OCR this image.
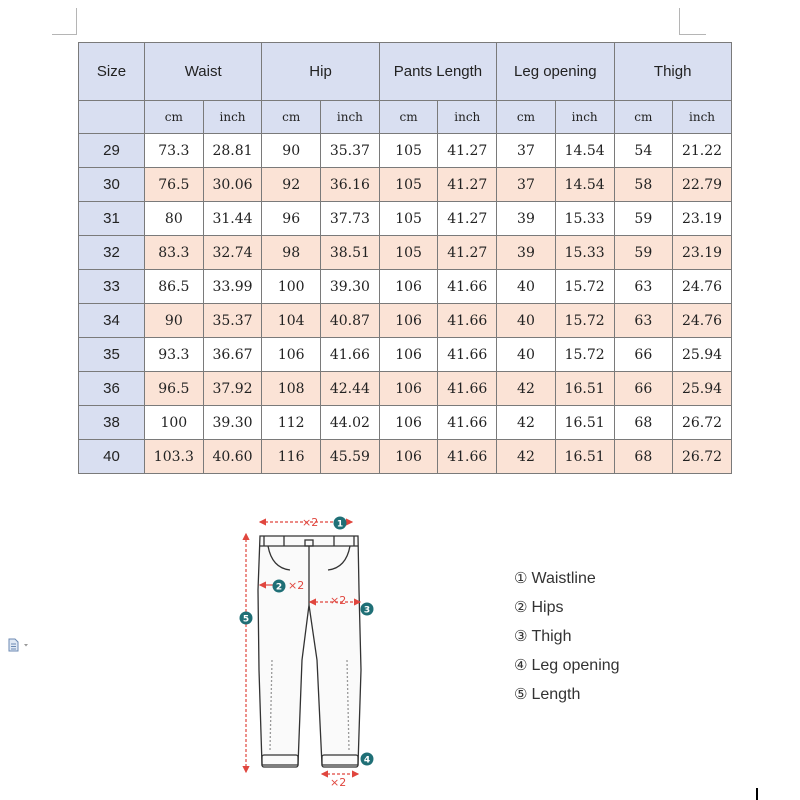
Size	Waist		Hip		Pants Length		Leg opening		Thigh	
	cm	inch	cm	inch	cm	inch	cm	inch	cm	inch
29	73.3	28.81	90	35.37	105	41.27	37	14.54	54	21.22
30	76.5	30.06	92	36.16	105	41.27	37	14.54	58	22.79
31	80	31.44	96	37.73	105	41.27	39	15.33	59	23.19
32	83.3	32.74	98	38.51	105	41.27	39	15.33	59	23.19
33	86.5	33.99	100	39.30	106	41.66	40	15.72	63	24.76
34	90	35.37	104	40.87	106	41.66	40	15.72	63	24.76
35	93.3	36.67	106	41.66	106	41.66	40	15.72	66	25.94
36	96.5	37.92	108	42.44	106	41.66	42	16.51	66	25.94
38	100	39.30	112	44.02	106	41.66	42	16.51	68	26.72
40	103.3	40.60	116	45.59	106	41.66	42	16.51	68	26.72
×2
×2
×2
×2
1
2
3
4
5
① Waistline
② Hips
③ Thigh
④ Leg opening
⑤ Length
